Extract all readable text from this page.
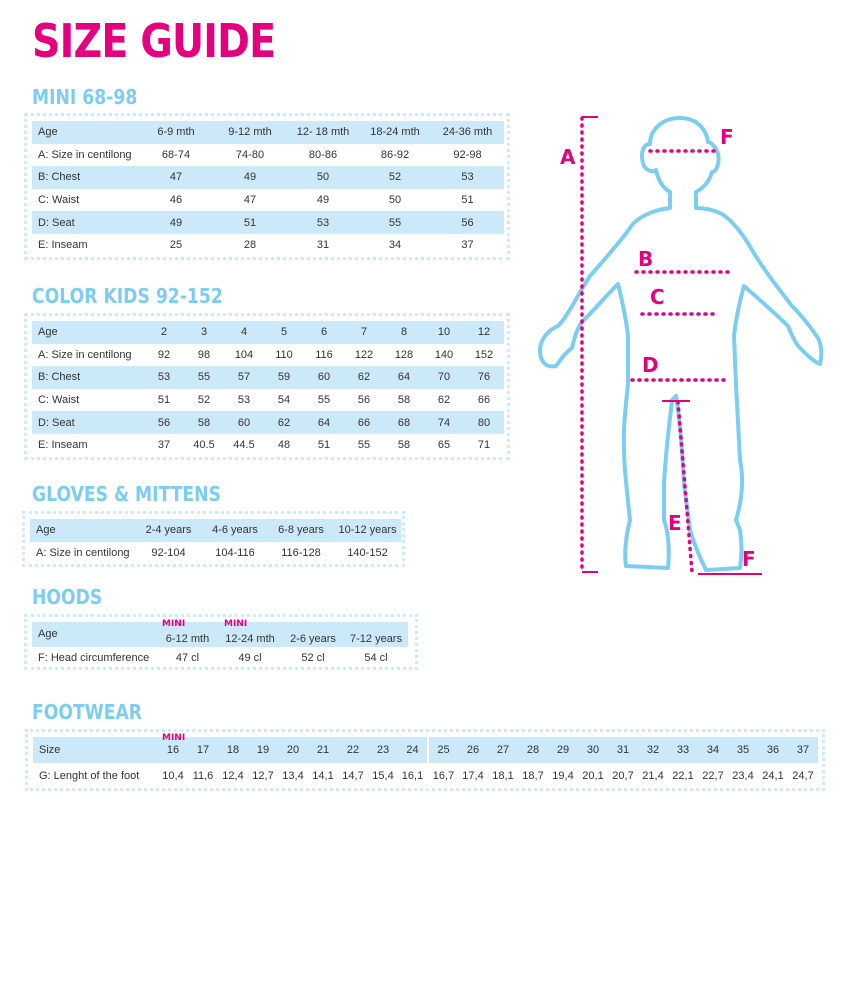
SIZE GUIDE
MINI 68-98
Age	6-9 mth	9-12 mth	12- 18 mth	18-24 mth	24-36 mth
A: Size in centilong	68-74	74-80	80-86	86-92	92-98
B: Chest	47	49	50	52	53
C: Waist	46	47	49	50	51
D: Seat	49	51	53	55	56
E: Inseam	25	28	31	34	37
COLOR KIDS 92-152
Age	2	3	4	5	6	7	8	10	12
A: Size in centilong	92	98	104	110	116	122	128	140	152
B: Chest	53	55	57	59	60	62	64	70	76
C: Waist	51	52	53	54	55	56	58	62	66
D: Seat	56	58	60	62	64	66	68	74	80
E: Inseam	37	40.5	44.5	48	51	55	58	65	71
GLOVES & MITTENS
Age	2-4 years	4-6 years	6-8 years	10-12 years
A: Size in centilong	92-104	104-116	116-128	140-152
HOODS
Age	6-12 mth	12-24 mth	2-6 years	7-12 years
F: Head circumference	47 cl	49 cl	52 cl	54 cl
MINI	MINI
FOOTWEAR
Size	16	17	18	19	20	21	22	23	24	25	26	27	28	29	30	31	32	33	34	35	36	37
G: Lenght of the foot	10,4	11,6	12,4	12,7	13,4	14,1	14,7	15,4	16,1	16,7	17,4	18,1	18,7	19,4	20,1	20,7	21,4	22,1	22,7	23,4	24,1	24,7
MINI
A
F
B
C
D
E
F
